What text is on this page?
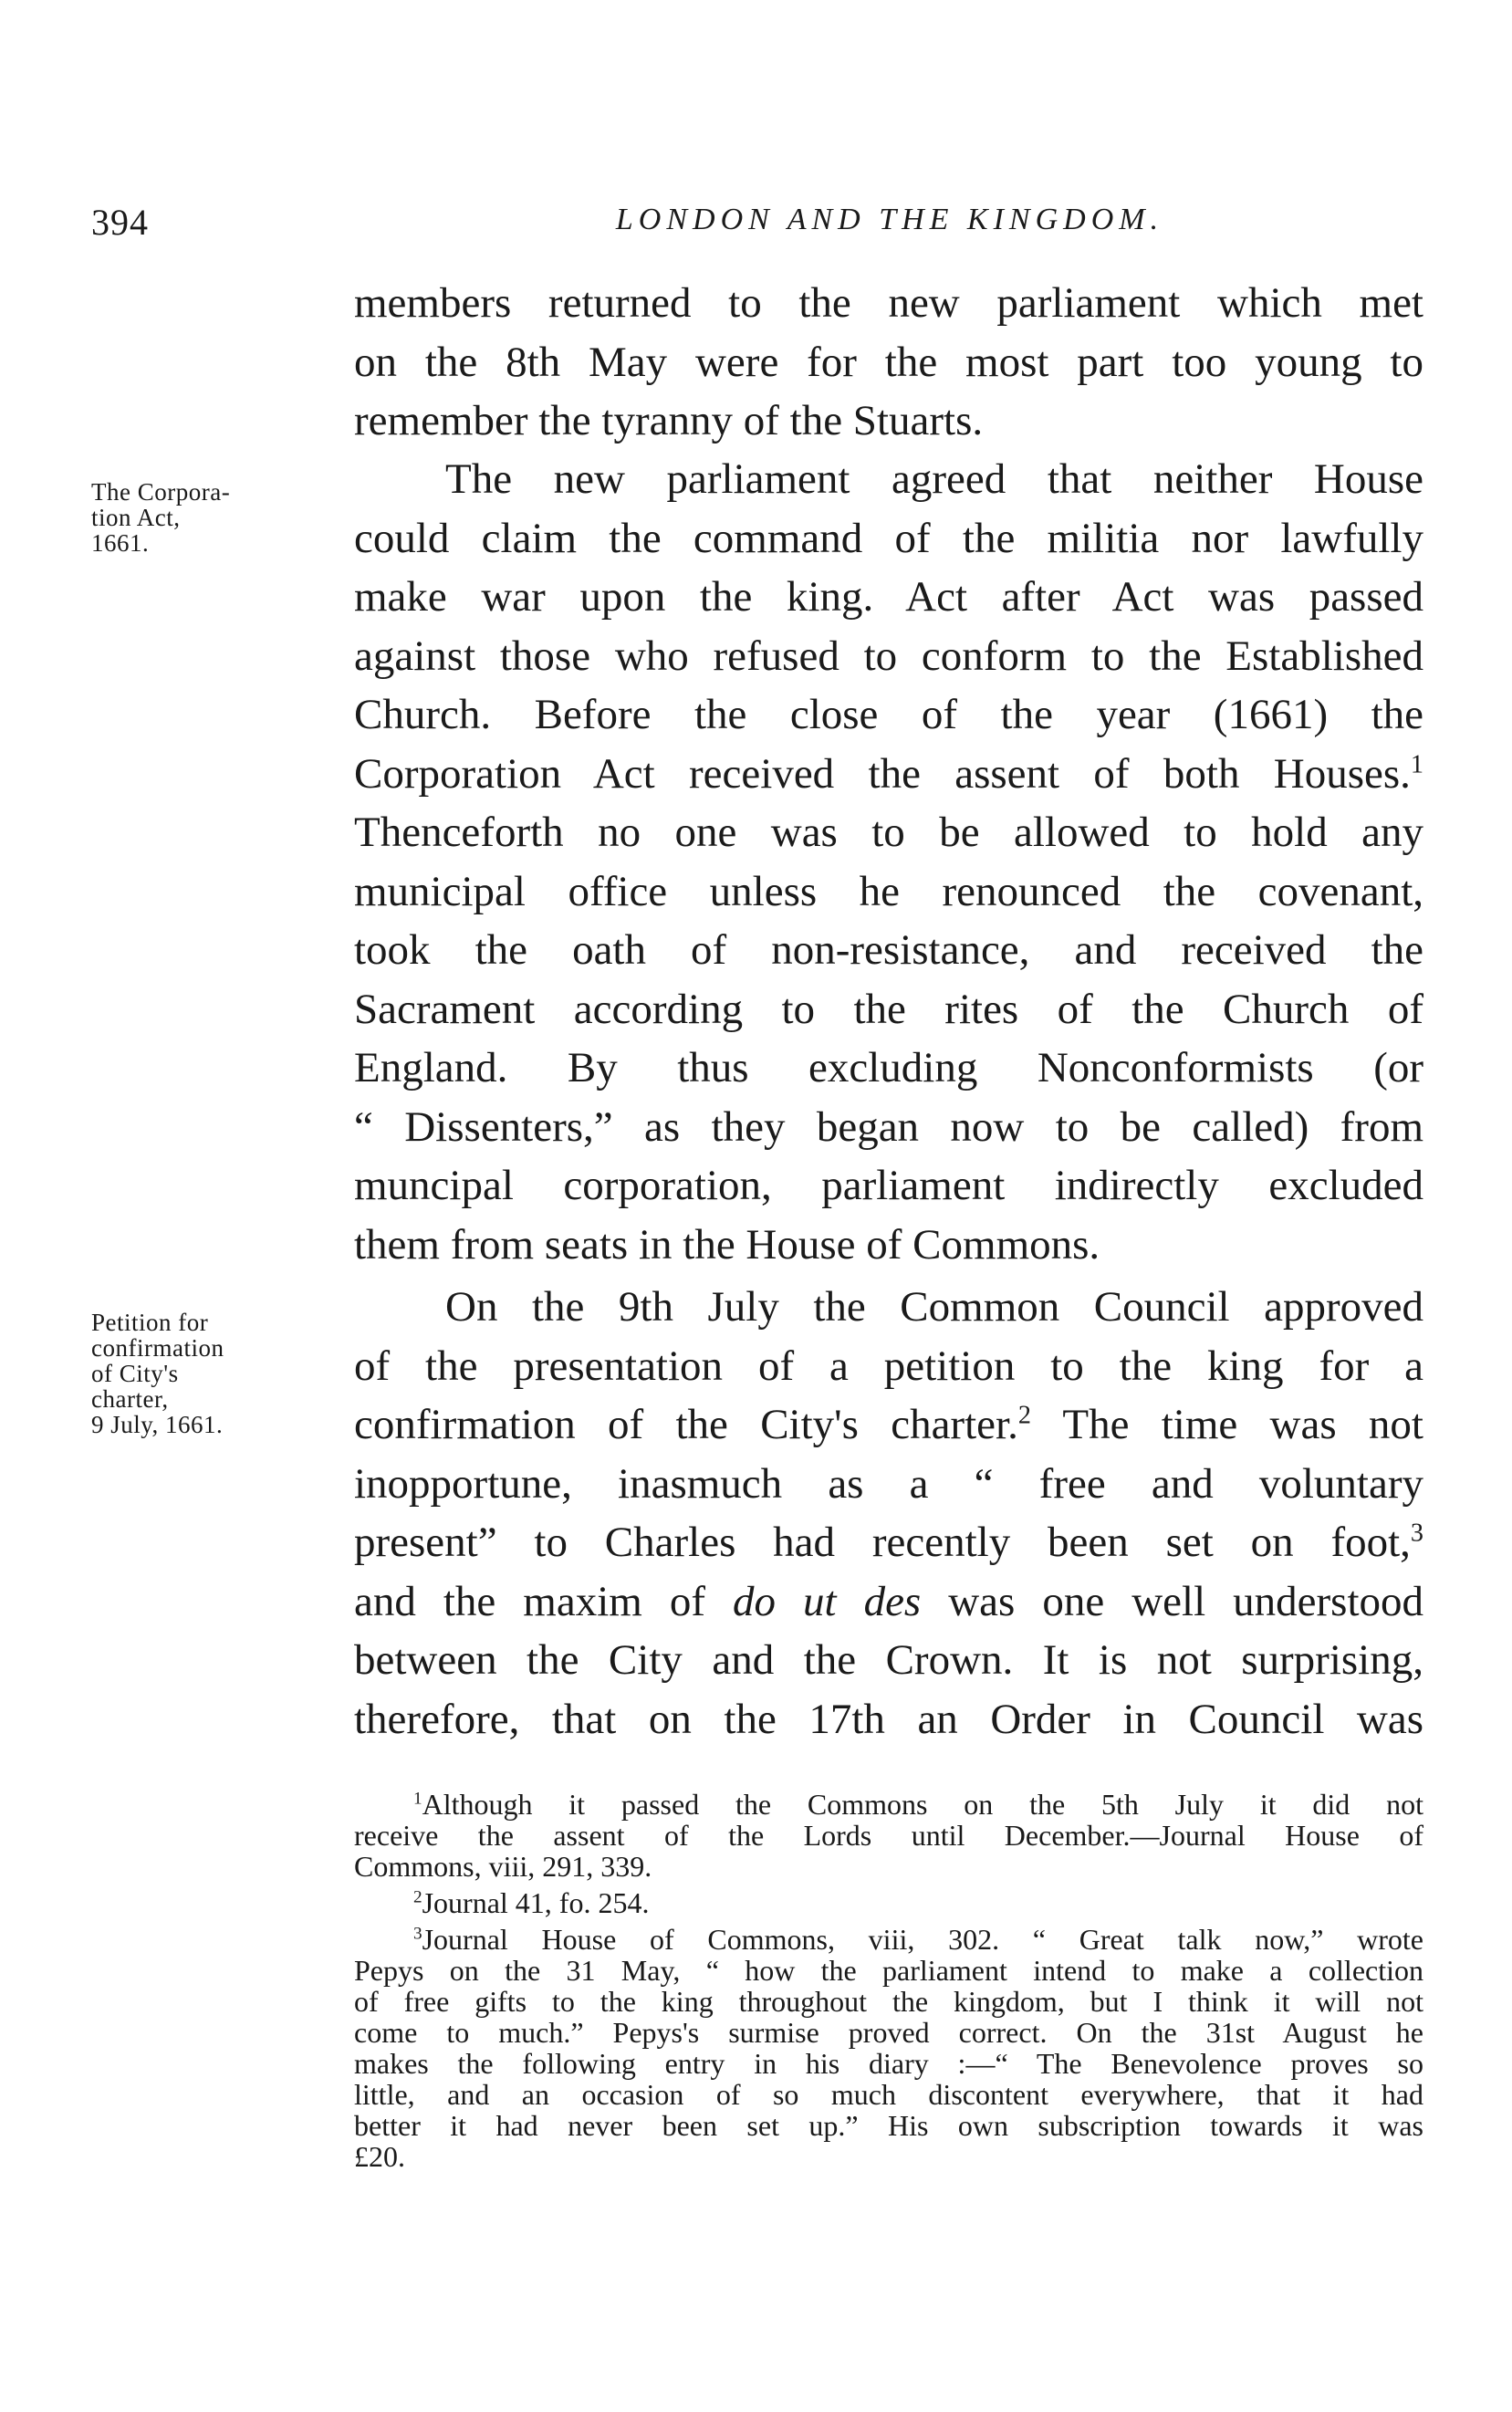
394	LONDON AND THE KINGDOM.
The Corpora-
tion Act,
1661.
Petition for
confirmation
of City's
charter,
9 July, 1661.
members returned to the new parliament which met
on the 8th May were for the most part too young to
remember the tyranny of the Stuarts.
The new parliament agreed that neither House
could claim the command of the militia nor lawfully
make war upon the king. Act after Act was passed
against those who refused to conform to the Established
Church. Before the close of the year (1661) the
Corporation Act received the assent of both Houses.$^1$
Thenceforth no one was to be allowed to hold any
municipal office unless he renounced the covenant,
took the oath of non-resistance, and received the
Sacrament according to the rites of the Church of
England. By thus excluding Nonconformists (or
“ Dissenters,” as they began now to be called) from
muncipal corporation, parliament indirectly excluded
them from seats in the House of Commons.
On the 9th July the Common Council approved
of the presentation of a petition to the king for a
confirmation of the City's charter.$^2$ The time was not
inopportune, inasmuch as a “ free and voluntary
present” to Charles had recently been set on foot,$^3$
and the maxim of do ut des was one well understood
between the City and the Crown. It is not surprising,
therefore, that on the 17th an Order in Council was
$^1$Although it passed the Commons on the 5th July it did not
receive the assent of the Lords until December.—Journal House of
Commons, viii, 291, 339.
$^2$Journal 41, fo. 254.
$^3$Journal House of Commons, viii, 302. “ Great talk now,” wrote
Pepys on the 31 May, “ how the parliament intend to make a collection
of free gifts to the king throughout the kingdom, but I think it will not
come to much.” Pepys's surmise proved correct. On the 31st August he
makes the following entry in his diary :—“ The Benevolence proves so
little, and an occasion of so much discontent everywhere, that it had
better it had never been set up.” His own subscription towards it was
£20.
